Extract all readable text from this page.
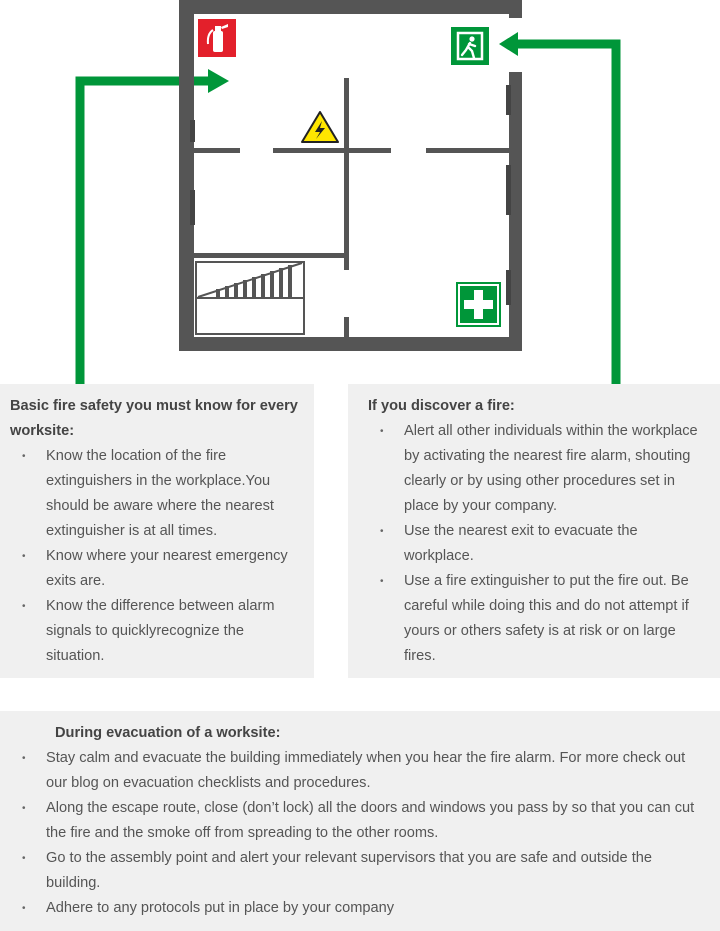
Basic fire safety you must know for every worksite:
• Know the location of the fire extinguishers in the workplace.You should be aware where the nearest extinguisher is at all times.
• Know where your nearest emergency exits are.
• Know the difference between alarm signals to quicklyrecognize the situation.
If you discover a fire:
• Alert all other individuals within the workplace by activating the nearest fire alarm, shouting clearly or by using other procedures set in place by your company.
• Use the nearest exit to evacuate the workplace.
• Use a fire extinguisher to put the fire out. Be careful while doing this and do not attempt if yours or others safety is at risk or on large fires.
During evacuation of a worksite:
• Stay calm and evacuate the building immediately when you hear the fire alarm. For more check out our blog on evacuation checklists and procedures.
• Along the escape route, close (don’t lock) all the doors and windows you pass by so that you can cut the fire and the smoke off from spreading to the other rooms.
• Go to the assembly point and alert your relevant supervisors that you are safe and outside the building.
• Adhere to any protocols put in place by your company
